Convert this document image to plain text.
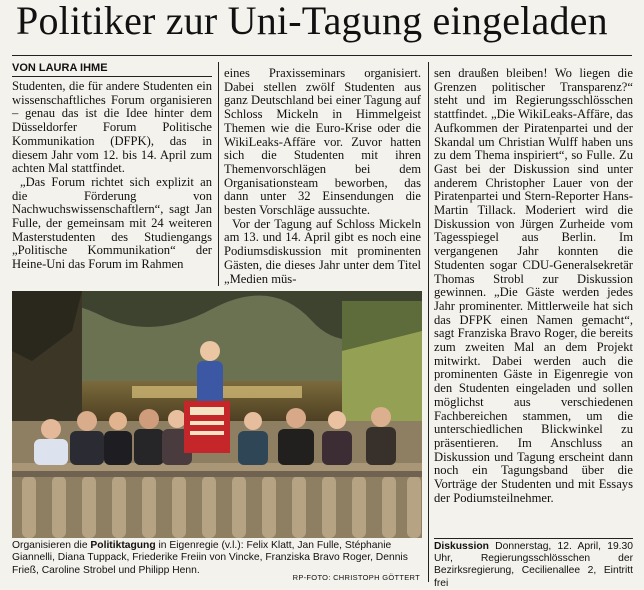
Politiker zur Uni-Tagung eingeladen
VON LAURA IHME

Studenten, die für andere Studenten ein wissenschaftliches Forum organisieren – genau das ist die Idee hinter dem Düsseldorfer Forum Politische Kommunikation (DFPK), das in diesem Jahr vom 12. bis 14. April zum achten Mal stattfindet.

„Das Forum richtet sich explizit an die Förderung von Nachwuchswissenschaftlern“, sagt Jan Fulle, der gemeinsam mit 24 weiteren Masterstudenten des Studiengangs „Politische Kommunikation“ der Heine-Uni das Forum im Rahmen

eines Praxisseminars organisiert. Dabei stellen zwölf Studenten aus ganz Deutschland bei einer Tagung auf Schloss Mickeln in Himmelgeist Themen wie die Euro-Krise oder die WikiLeaks-Affäre vor. Zuvor hatten sich die Studenten mit ihren Themenvorschlägen bei dem Organisationsteam beworben, das dann unter 32 Einsendungen die besten Vorschläge aussuchte.

Vor der Tagung auf Schloss Mickeln am 13. und 14. April gibt es noch eine Podiumsdiskussion mit prominenten Gästen, die dieses Jahr unter dem Titel „Medien müs-

sen draußen bleiben! Wo liegen die Grenzen politischer Transparenz?“ steht und im Regierungsschlösschen stattfindet. „Die WikiLeaks-Affäre, das Aufkommen der Piratenpartei und der Skandal um Christian Wulff haben uns zu dem Thema inspiriert“, so Fulle. Zu Gast bei der Diskussion sind unter anderem Christopher Lauer von der Piratenpartei und Stern-Reporter Hans-Martin Tillack. Moderiert wird die Diskussion von Jürgen Zurheide vom Tagesspiegel aus Berlin. Im vergangenen Jahr konnten die Studenten sogar CDU-Generalsekretär Thomas Strobl zur Diskussion gewinnen. „Die Gäste werden jedes Jahr prominenter. Mittlerweile hat sich das DFPK einen Namen gemacht“, sagt Franziska Bravo Roger, die bereits zum zweiten Mal an dem Projekt mitwirkt. Dabei werden auch die prominenten Gäste in Eigenregie von den Studenten eingeladen und sollen möglichst aus verschiedenen Fachbereichen stammen, um die unterschiedlichen Blickwinkel zu präsentieren. Im Anschluss an Diskussion und Tagung erscheint dann noch ein Tagungsband über die Vorträge der Studenten und mit Essays der Podiumsteilnehmer.

Organisieren die Politiktagung in Eigenregie (v.l.): Felix Klatt, Jan Fulle, Stéphanie Giannelli, Diana Tuppack, Friederike Freiin von Vincke, Franziska Bravo Roger, Dennis Frieß, Caroline Strobel und Philipp Henn.
RP-FOTO: CHRISTOPH GÖTTERT
Diskussion Donnerstag, 12. April, 19.30 Uhr, Regierungsschlösschen der Bezirksregierung, Cecilienallee 2, Eintritt frei
